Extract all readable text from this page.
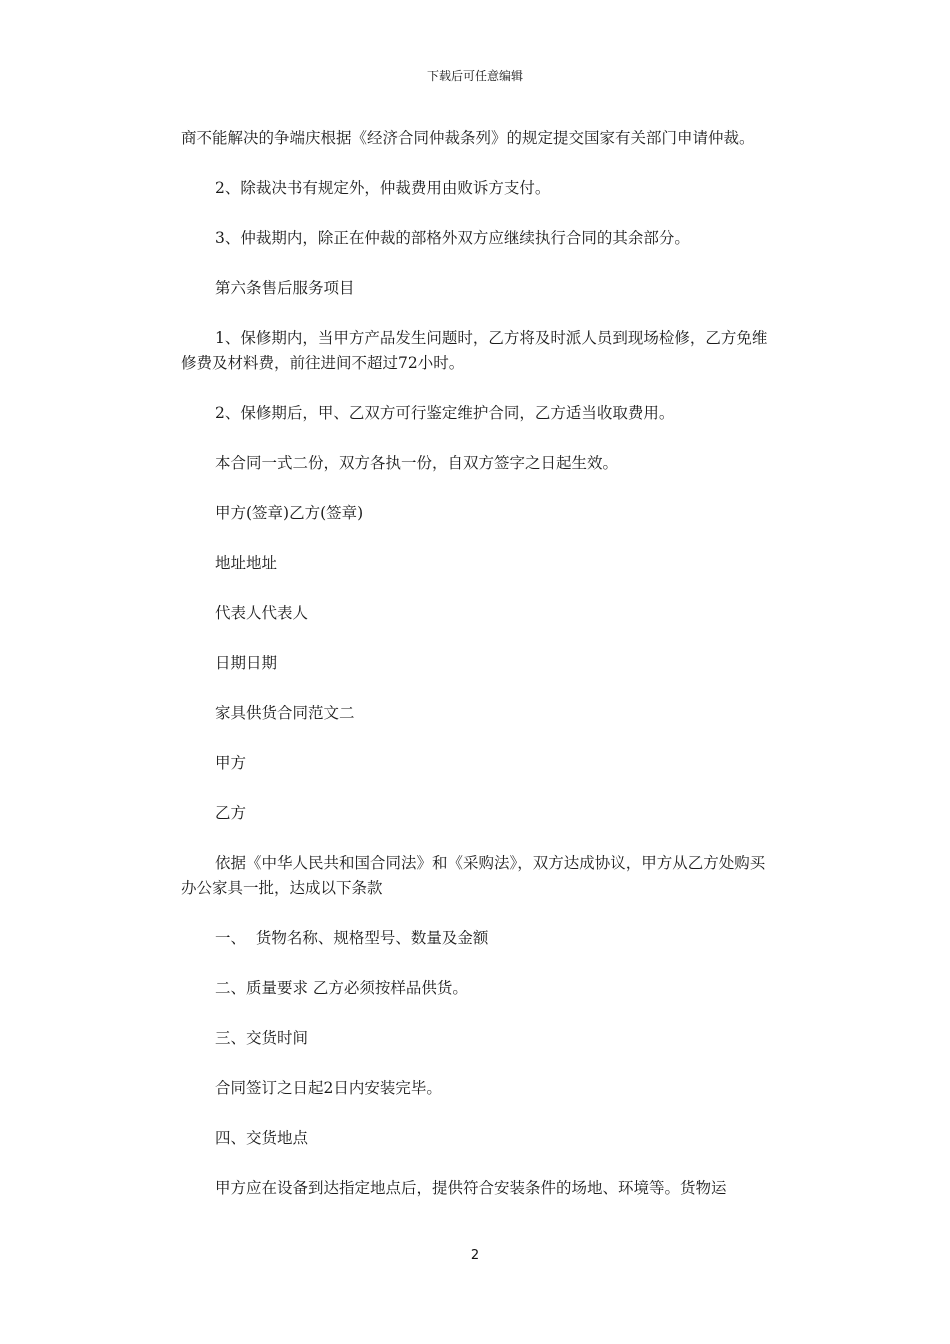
下载后可任意编辑

商不能解决的争端庆根据《经济合同仲裁条列》的规定提交国家有关部门申请仲裁。

2、除裁决书有规定外，仲裁费用由败诉方支付。

3、仲裁期内，除正在仲裁的部格外双方应继续执行合同的其余部分。

第六条售后服务项目

1、保修期内，当甲方产品发生问题时，乙方将及时派人员到现场检修，乙方免维修费及材料费，前往进间不超过72小时。

2、保修期后，甲、乙双方可行鉴定维护合同，乙方适当收取费用。

本合同一式二份，双方各执一份，自双方签字之日起生效。

甲方(签章)乙方(签章)

地址地址

代表人代表人

日期日期

家具供货合同范文二

甲方

乙方

依据《中华人民共和国合同法》和《采购法》，双方达成协议，甲方从乙方处购买办公家具一批，达成以下条款

一、  货物名称、规格型号、数量及金额

二、质量要求 乙方必须按样品供货。

三、交货时间

合同签订之日起2日内安装完毕。

四、交货地点

甲方应在设备到达指定地点后，提供符合安装条件的场地、环境等。货物运

2
